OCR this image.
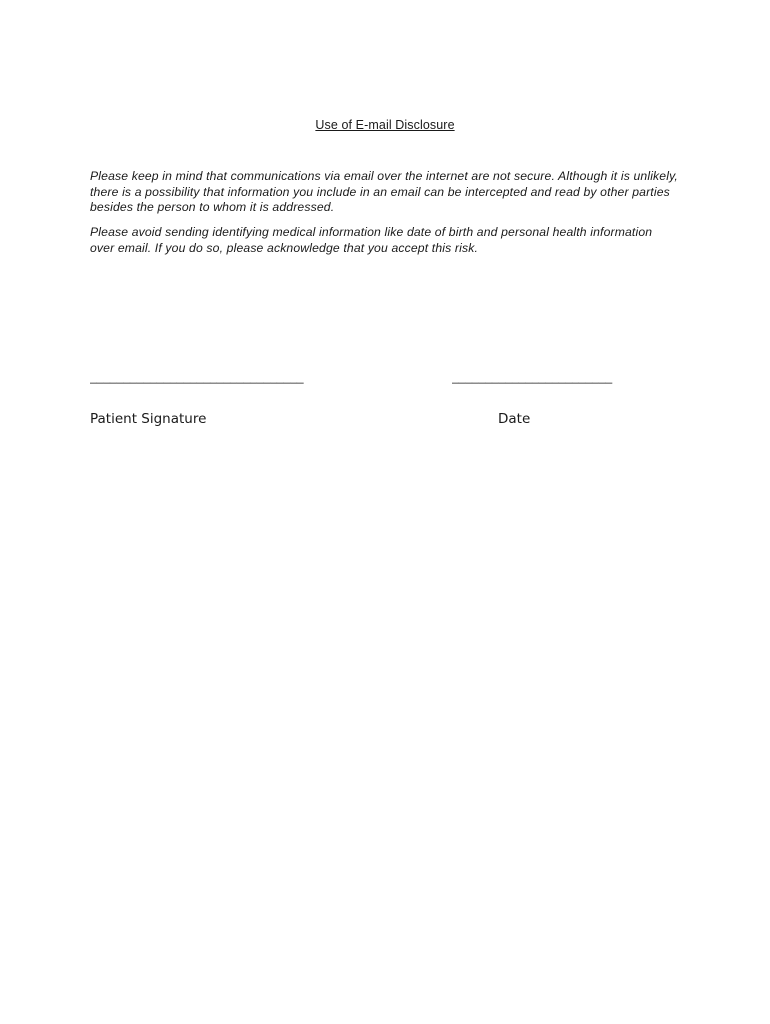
Use of E-mail Disclosure

Please keep in mind that communications via email over the internet are not secure. Although it is unlikely, there is a possibility that information you include in an email can be intercepted and read by other parties besides the person to whom it is addressed.

Please avoid sending identifying medical information like date of birth and personal health information over email. If you do so, please acknowledge that you accept this risk.

________________________________	________________________
Patient Signature	Date
